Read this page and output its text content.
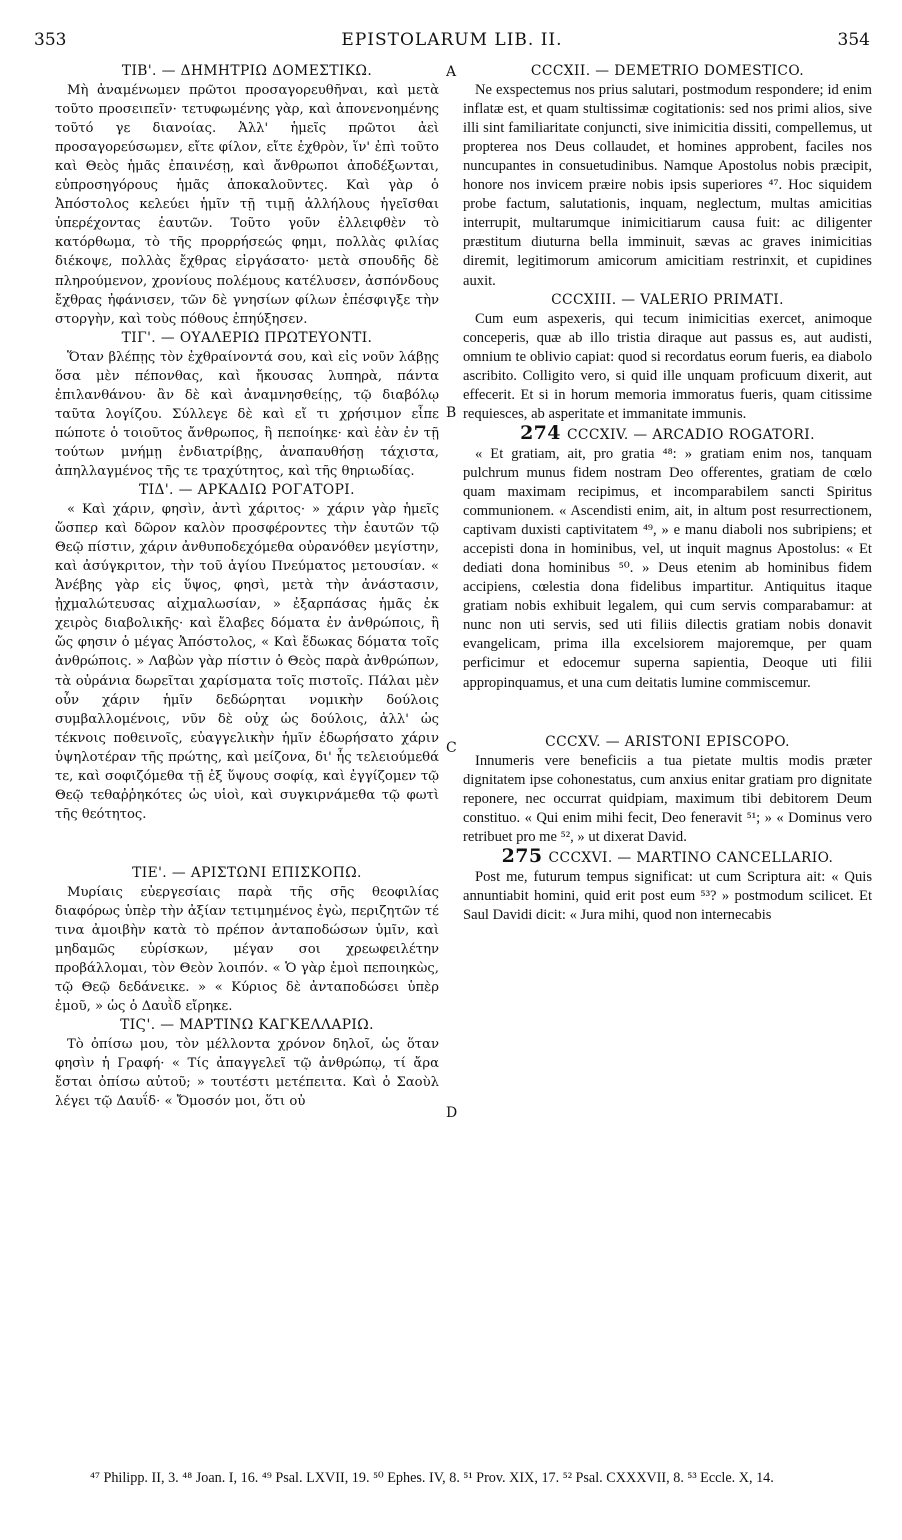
353	EPISTOLARUM LIB. II.	354
A
B
C
D
ΤΙΒ'. — ΔΗΜΗΤΡΙΩ ΔΟΜΕΣΤΙΚΩ.
Μὴ ἀναμένωμεν πρῶτοι προσαγορευθῆναι, καὶ μετὰ τοῦτο προσειπεῖν· τετυφωμένης γὰρ, καὶ ἀπονενοημένης τοῦτό γε διανοίας. Ἀλλ' ἡμεῖς πρῶτοι ἀεὶ προσαγορεύσωμεν, εἴτε φίλον, εἴτε ἐχθρὸν, ἵν' ἐπὶ τοῦτο καὶ Θεὸς ἡμᾶς ἐπαινέσῃ, καὶ ἄνθρωποι ἀποδέξωνται, εὐπροσηγόρους ἡμᾶς ἀποκαλοῦντες. Καὶ γὰρ ὁ Ἀπόστολος κελεύει ἡμῖν τῇ τιμῇ ἀλλήλους ἡγεῖσθαι ὑπερέχοντας ἑαυτῶν. Τοῦτο γοῦν ἐλλειφθὲν τὸ κατόρθωμα, τὸ τῆς προρρήσεώς φημι, πολλὰς φιλίας διέκοψε, πολλὰς ἔχθρας εἰργάσατο· μετὰ σπουδῆς δὲ πληρούμενον, χρονίους πολέμους κατέλυσεν, ἀσπόνδους ἔχθρας ἠφάνισεν, τῶν δὲ γνησίων φίλων ἐπέσφιγξε τὴν στοργὴν, καὶ τοὺς πόθους ἐπηύξησεν.
ΤΙΓ'. — ΟΥΑΛΕΡΙΩ ΠΡΩΤΕΥΟΝΤΙ.
Ὅταν βλέπῃς τὸν ἐχθραίνοντά σου, καὶ εἰς νοῦν λάβῃς ὅσα μὲν πέπονθας, καὶ ἤκουσας λυπηρὰ, πάντα ἐπιλανθάνου· ἂν δὲ καὶ ἀναμνησθείῃς, τῷ διαβόλῳ ταῦτα λογίζου. Σύλλεγε δὲ καὶ εἴ τι χρήσιμον εἶπε πώποτε ὁ τοιοῦτος ἄνθρωπος, ἢ πεποίηκε· καὶ ἐὰν ἐν τῇ τούτων μνήμῃ ἐνδιατρίβῃς, ἀναπαυθήσῃ τάχιστα, ἀπηλλαγμένος τῆς τε τραχύτητος, καὶ τῆς θηριωδίας.
ΤΙΔ'. — ΑΡΚΑΔΙΩ ΡΟΓΑΤΟΡΙ.
« Καὶ χάριν, φησὶν, ἀντὶ χάριτος· » χάριν γὰρ ἡμεῖς ὥσπερ καὶ δῶρον καλὸν προσφέροντες τὴν ἑαυτῶν τῷ Θεῷ πίστιν, χάριν ἀνθυποδεχόμεθα οὐρανόθεν μεγίστην, καὶ ἀσύγκριτον, τὴν τοῦ ἁγίου Πνεύματος μετουσίαν. « Ἀνέβης γὰρ εἰς ὕψος, φησὶ, μετὰ τὴν ἀνάστασιν, ᾐχμαλώτευσας αἰχμαλωσίαν, » ἐξαρπάσας ἡμᾶς ἐκ χειρὸς διαβολικῆς· καὶ ἔλαβες δόματα ἐν ἀνθρώποις, ἢ ὥς φησιν ὁ μέγας Ἀπόστολος, « Καὶ ἔδωκας δόματα τοῖς ἀνθρώποις. » Λαβὼν γὰρ πίστιν ὁ Θεὸς παρὰ ἀνθρώπων, τὰ οὐράνια δωρεῖται χαρίσματα τοῖς πιστοῖς. Πάλαι μὲν οὖν χάριν ἡμῖν δεδώρηται νομικὴν δούλοις συμβαλλομένοις, νῦν δὲ οὐχ ὡς δούλοις, ἀλλ' ὡς τέκνοις ποθεινοῖς, εὐαγγελικὴν ἡμῖν ἐδωρήσατο χάριν ὑψηλοτέραν τῆς πρώτης, καὶ μείζονα, δι' ἧς τελειούμεθά τε, καὶ σοφιζόμεθα τῇ ἐξ ὕψους σοφίᾳ, καὶ ἐγγίζομεν τῷ Θεῷ τεθαῤῥηκότες ὡς υἱοὶ, καὶ συγκιρνάμεθα τῷ φωτὶ τῆς θεότητος.
ΤΙΕ'. — ΑΡΙΣΤΩΝΙ ΕΠΙΣΚΟΠΩ.
Μυρίαις εὐεργεσίαις παρὰ τῆς σῆς θεοφιλίας διαφόρως ὑπὲρ τὴν ἀξίαν τετιμημένος ἐγὼ, περιζητῶν τέ τινα ἀμοιβὴν κατὰ τὸ πρέπον ἀνταποδώσων ὑμῖν, καὶ μηδαμῶς εὑρίσκων, μέγαν σοι χρεωφειλέτην προβάλλομαι, τὸν Θεὸν λοιπόν. « Ὁ γὰρ ἐμοὶ πεποιηκὼς, τῷ Θεῷ δεδάνεικε. » « Κύριος δὲ ἀνταποδώσει ὑπὲρ ἐμοῦ, » ὡς ὁ Δαυῒδ εἴρηκε.
ΤΙϚ'. — ΜΑΡΤΙΝΩ ΚΑΓΚΕΛΛΑΡΙΩ.
Τὸ ὀπίσω μου, τὸν μέλλοντα χρόνον δηλοῖ, ὡς ὅταν φησὶν ἡ Γραφή· « Τίς ἀπαγγελεῖ τῷ ἀνθρώπῳ, τί ἄρα ἔσται ὀπίσω αὐτοῦ; » τουτέστι μετέπειτα. Καὶ ὁ Σαοὺλ λέγει τῷ Δαυΐδ· « Ὄμοσόν μοι, ὅτι οὐ
CCCXII. — DEMETRIO DOMESTICO.
Ne exspectemus nos prius salutari, postmodum respondere; id enim inflatæ est, et quam stultissimæ cogitationis: sed nos primi alios, sive illi sint familiaritate conjuncti, sive inimicitia dissiti, compellemus, ut propterea nos Deus collaudet, et homines approbent, faciles nos nuncupantes in consuetudinibus. Namque Apostolus nobis præcipit, honore nos invicem præire nobis ipsis superiores ⁴⁷. Hoc siquidem probe factum, salutationis, inquam, neglectum, multas amicitias interrupit, multarumque inimicitiarum causa fuit: ac diligenter præstitum diuturna bella imminuit, sævas ac graves inimicitias diremit, legitimorum amicorum amicitiam restrinxit, et cupidines auxit.
CCCXIII. — VALERIO PRIMATI.
Cum eum aspexeris, qui tecum inimicitias exercet, animoque conceperis, quæ ab illo tristia dirаque aut passus es, aut audisti, omnium te oblivio capiat: quod si recordatus eorum fueris, ea diabolo ascribito. Colligito vero, si quid ille unquam proficuum dixerit, aut effecerit. Et si in horum memoria immoratus fueris, quam citissime requiesces, ab asperitate et immanitate immunis.
274 CCCXIV. — ARCADIO ROGATORI.
« Et gratiam, ait, pro gratia ⁴⁸: » gratiam enim nos, tanquam pulchrum munus fidem nostram Deo offerentes, gratiam de cœlo quam maximam recipimus, et incomparabilem sancti Spiritus communionem. « Ascendisti enim, ait, in altum post resurrectionem, captivam duxisti captivitatem ⁴⁹, » e manu diaboli nos subripiens; et accepisti dona in hominibus, vel, ut inquit magnus Apostolus: « Et dediati dona hominibus ⁵⁰. » Deus etenim ab hominibus fidem accipiens, cœlestia dona fidelibus impartitur. Antiquitus itaque gratiam nobis exhibuit legalem, qui cum servis comparabamur: at nunc non uti servis, sed uti filiis dilectis gratiam nobis donavit evangelicam, prima illa excelsiorem majoremque, per quam perficimur et edocemur superna sapientia, Deoque uti filii appropinquamus, et una cum deitatis lumine commiscemur.
CCCXV. — ARISTONI EPISCOPO.
Innumeris vere beneficiis a tua pietate multis modis præter dignitatem ipse cohonestatus, cum anxius enitar gratiam pro dignitate reponere, nec occurrat quidpiam, maximum tibi debitorem Deum constituo. « Qui enim mihi fecit, Deo feneravit ⁵¹; » « Dominus vero retribuet pro me ⁵², » ut dixerat David.
275 CCCXVI. — MARTINO CANCELLARIO.
Post me, futurum tempus significat: ut cum Scriptura ait: « Quis annuntiabit homini, quid erit post eum ⁵³? » postmodum scilicet. Et Saul Davidi dicit: « Jura mihi, quod non internecabis
⁴⁷ Philipp. II, 3. ⁴⁸ Joan. I, 16. ⁴⁹ Psal. LXVII, 19. ⁵⁰ Ephes. IV, 8. ⁵¹ Prov. XIX, 17. ⁵² Psal. CXXXVII, 8. ⁵³ Eccle. X, 14.
